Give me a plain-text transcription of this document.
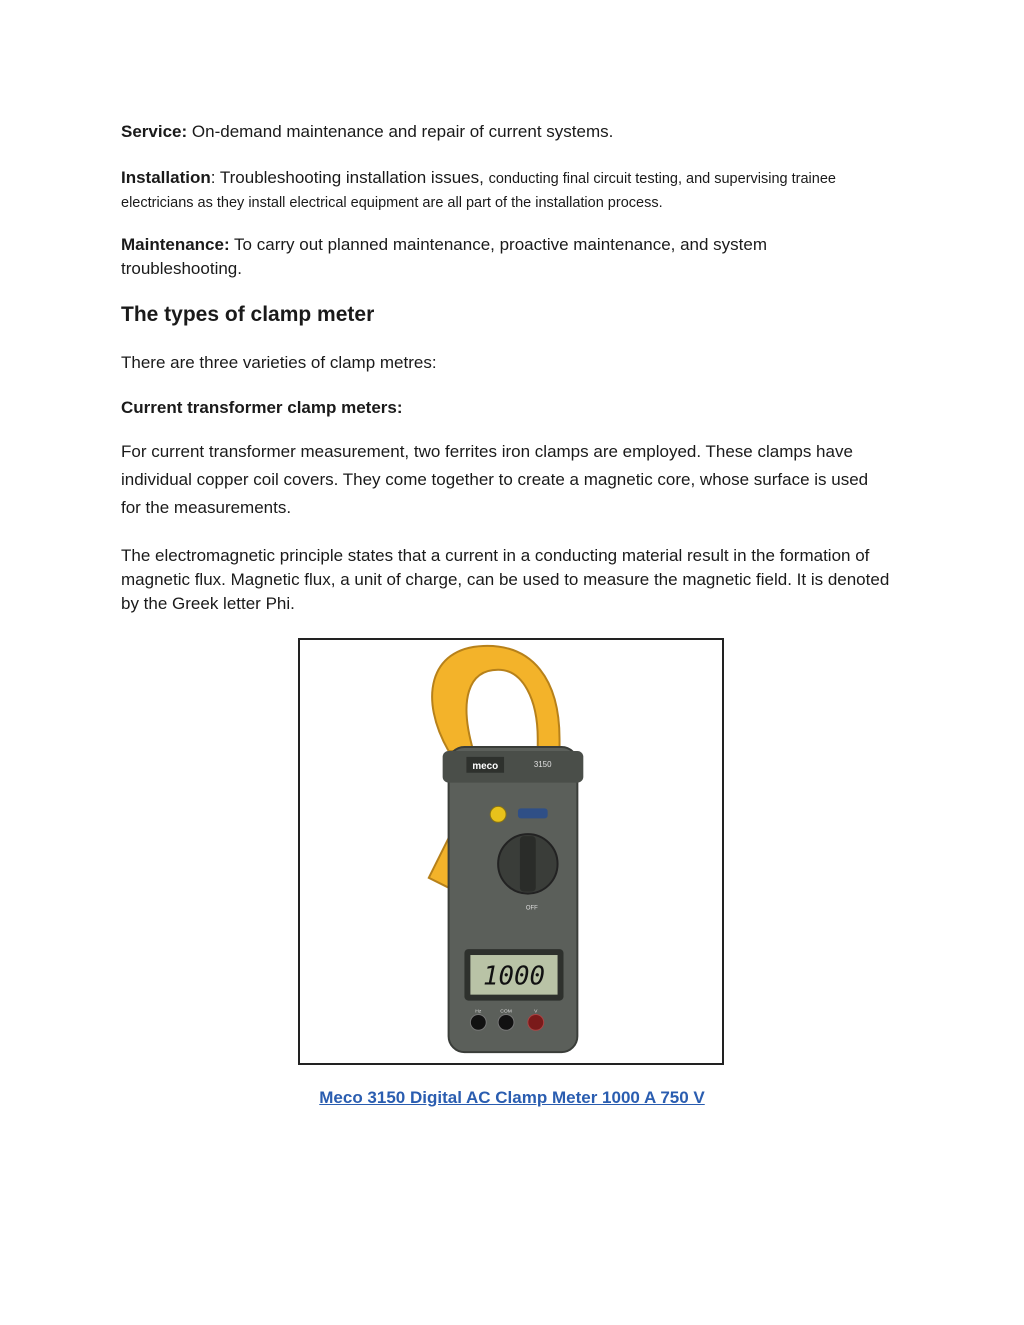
Service: On-demand maintenance and repair of current systems.

Installation: Troubleshooting installation issues, conducting final circuit testing, and supervising trainee electricians as they install electrical equipment are all part of the installation process.

Maintenance: To carry out planned maintenance, proactive maintenance, and system troubleshooting.

The types of clamp meter

There are three varieties of clamp metres:

Current transformer clamp meters:

For current transformer measurement, two ferrites iron clamps are employed. These clamps have individual copper coil covers. They come together to create a magnetic core, whose surface is used for the measurements.

The electromagnetic principle states that a current in a conducting material result in the formation of magnetic flux. Magnetic flux, a unit of charge, can be used to measure the magnetic field. It is denoted by the Greek letter Phi.

meco	3150
OFF
1000
Hz	COM	V
Meco 3150 Digital AC Clamp Meter 1000 A 750 V
